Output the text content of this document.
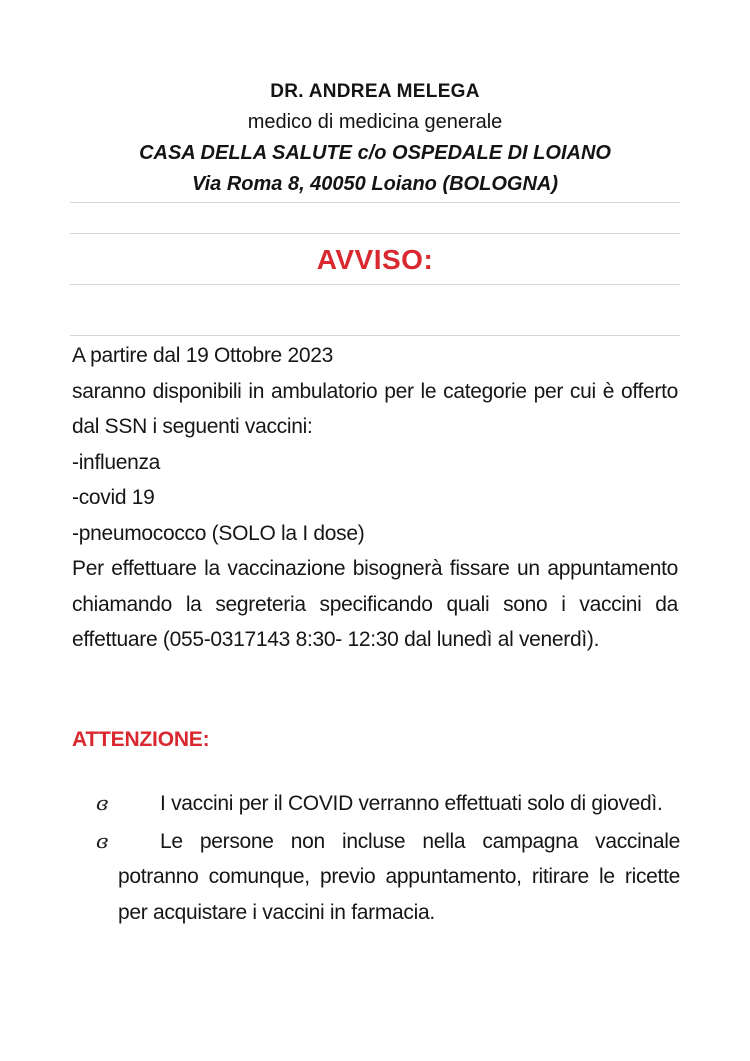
DR. ANDREA MELEGA
medico di medicina generale
CASA DELLA SALUTE c/o OSPEDALE DI LOIANO
Via Roma 8, 40050 Loiano (BOLOGNA)
AVVISO:

A partire dal 19 Ottobre 2023

saranno disponibili in ambulatorio per le categorie per cui è offerto dal SSN i seguenti vaccini:

-influenza

-covid 19

-pneumococco (SOLO la I dose)

Per effettuare la vaccinazione bisognerà fissare un appuntamento chiamando la segreteria specificando quali sono i vaccini da effettuare (055-0317143 8:30- 12:30 dal lunedì al venerdì).

ATTENZIONE:
ɞ I vaccini per il COVID verranno effettuati solo di giovedì.
ɞ Le persone non incluse nella campagna vaccinale potranno comunque, previo appuntamento, ritirare le ricette per acquistare i vaccini in farmacia.
